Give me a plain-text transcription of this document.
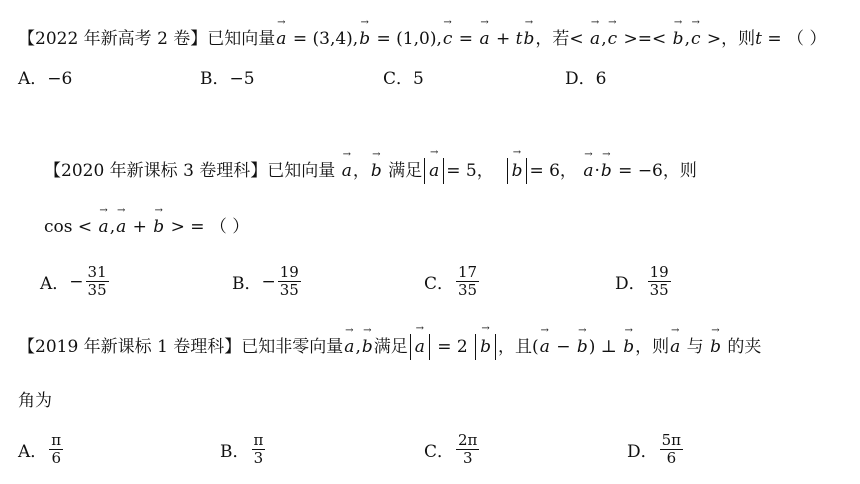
【2022 年新高考 2 卷】已知向量→ a = (3,4),→ b = (1,0),→ c = → a + t→ b，若< → a,→ c >=< → b,→ c >，则t = （ ）
A．−6	B．−5	C．5	D．6
【2020 年新课标 3 卷理科】已知向量 → a，→ b 满足 → a = 5， → b = 6， → a·→ b = −6，则
cos < → a,→ a + → b > = （ ）
A．− $\frac{31}{35}$	B．− $\frac{19}{35}$	C． $\frac{17}{35}$	D． $\frac{19}{35}$
【2019 年新课标 1 卷理科】已知非零向量→ a,→ b满足 → a = 2 → b ，且(→ a − → b) ⊥ → b，则→ a 与 → b 的夹
角为
A． $\frac{\pi}{6}$	B． $\frac{\pi}{3}$	C． $\frac{2\pi}{3}$	D． $\frac{5\pi}{6}$
